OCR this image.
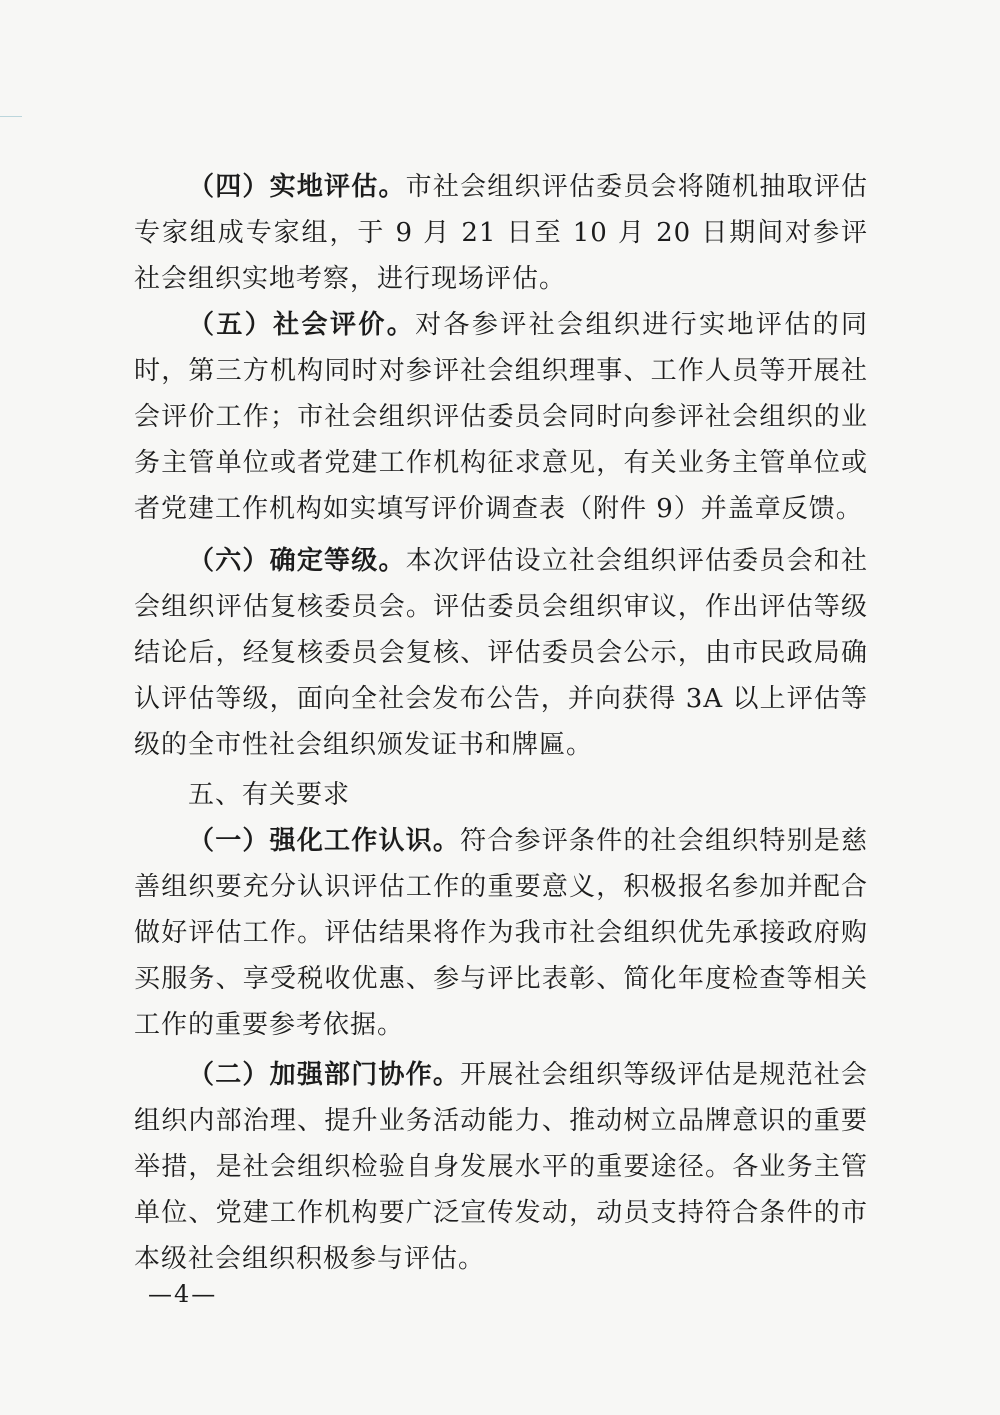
（四）实地评估。市社会组织评估委员会将随机抽取评估专家组成专家组，于 9 月 21 日至 10 月 20 日期间对参评社会组织实地考察，进行现场评估。

（五）社会评价。对各参评社会组织进行实地评估的同时，第三方机构同时对参评社会组织理事、工作人员等开展社会评价工作；市社会组织评估委员会同时向参评社会组织的业务主管单位或者党建工作机构征求意见，有关业务主管单位或者党建工作机构如实填写评价调查表（附件 9）并盖章反馈。

（六）确定等级。本次评估设立社会组织评估委员会和社会组织评估复核委员会。评估委员会组织审议，作出评估等级结论后，经复核委员会复核、评估委员会公示，由市民政局确认评估等级，面向全社会发布公告，并向获得 3A 以上评估等级的全市性社会组织颁发证书和牌匾。

五、有关要求

（一）强化工作认识。符合参评条件的社会组织特别是慈善组织要充分认识评估工作的重要意义，积极报名参加并配合做好评估工作。评估结果将作为我市社会组织优先承接政府购买服务、享受税收优惠、参与评比表彰、简化年度检查等相关工作的重要参考依据。

（二）加强部门协作。开展社会组织等级评估是规范社会组织内部治理、提升业务活动能力、推动树立品牌意识的重要举措，是社会组织检验自身发展水平的重要途径。各业务主管单位、党建工作机构要广泛宣传发动，动员支持符合条件的市本级社会组织积极参与评估。

—4—
